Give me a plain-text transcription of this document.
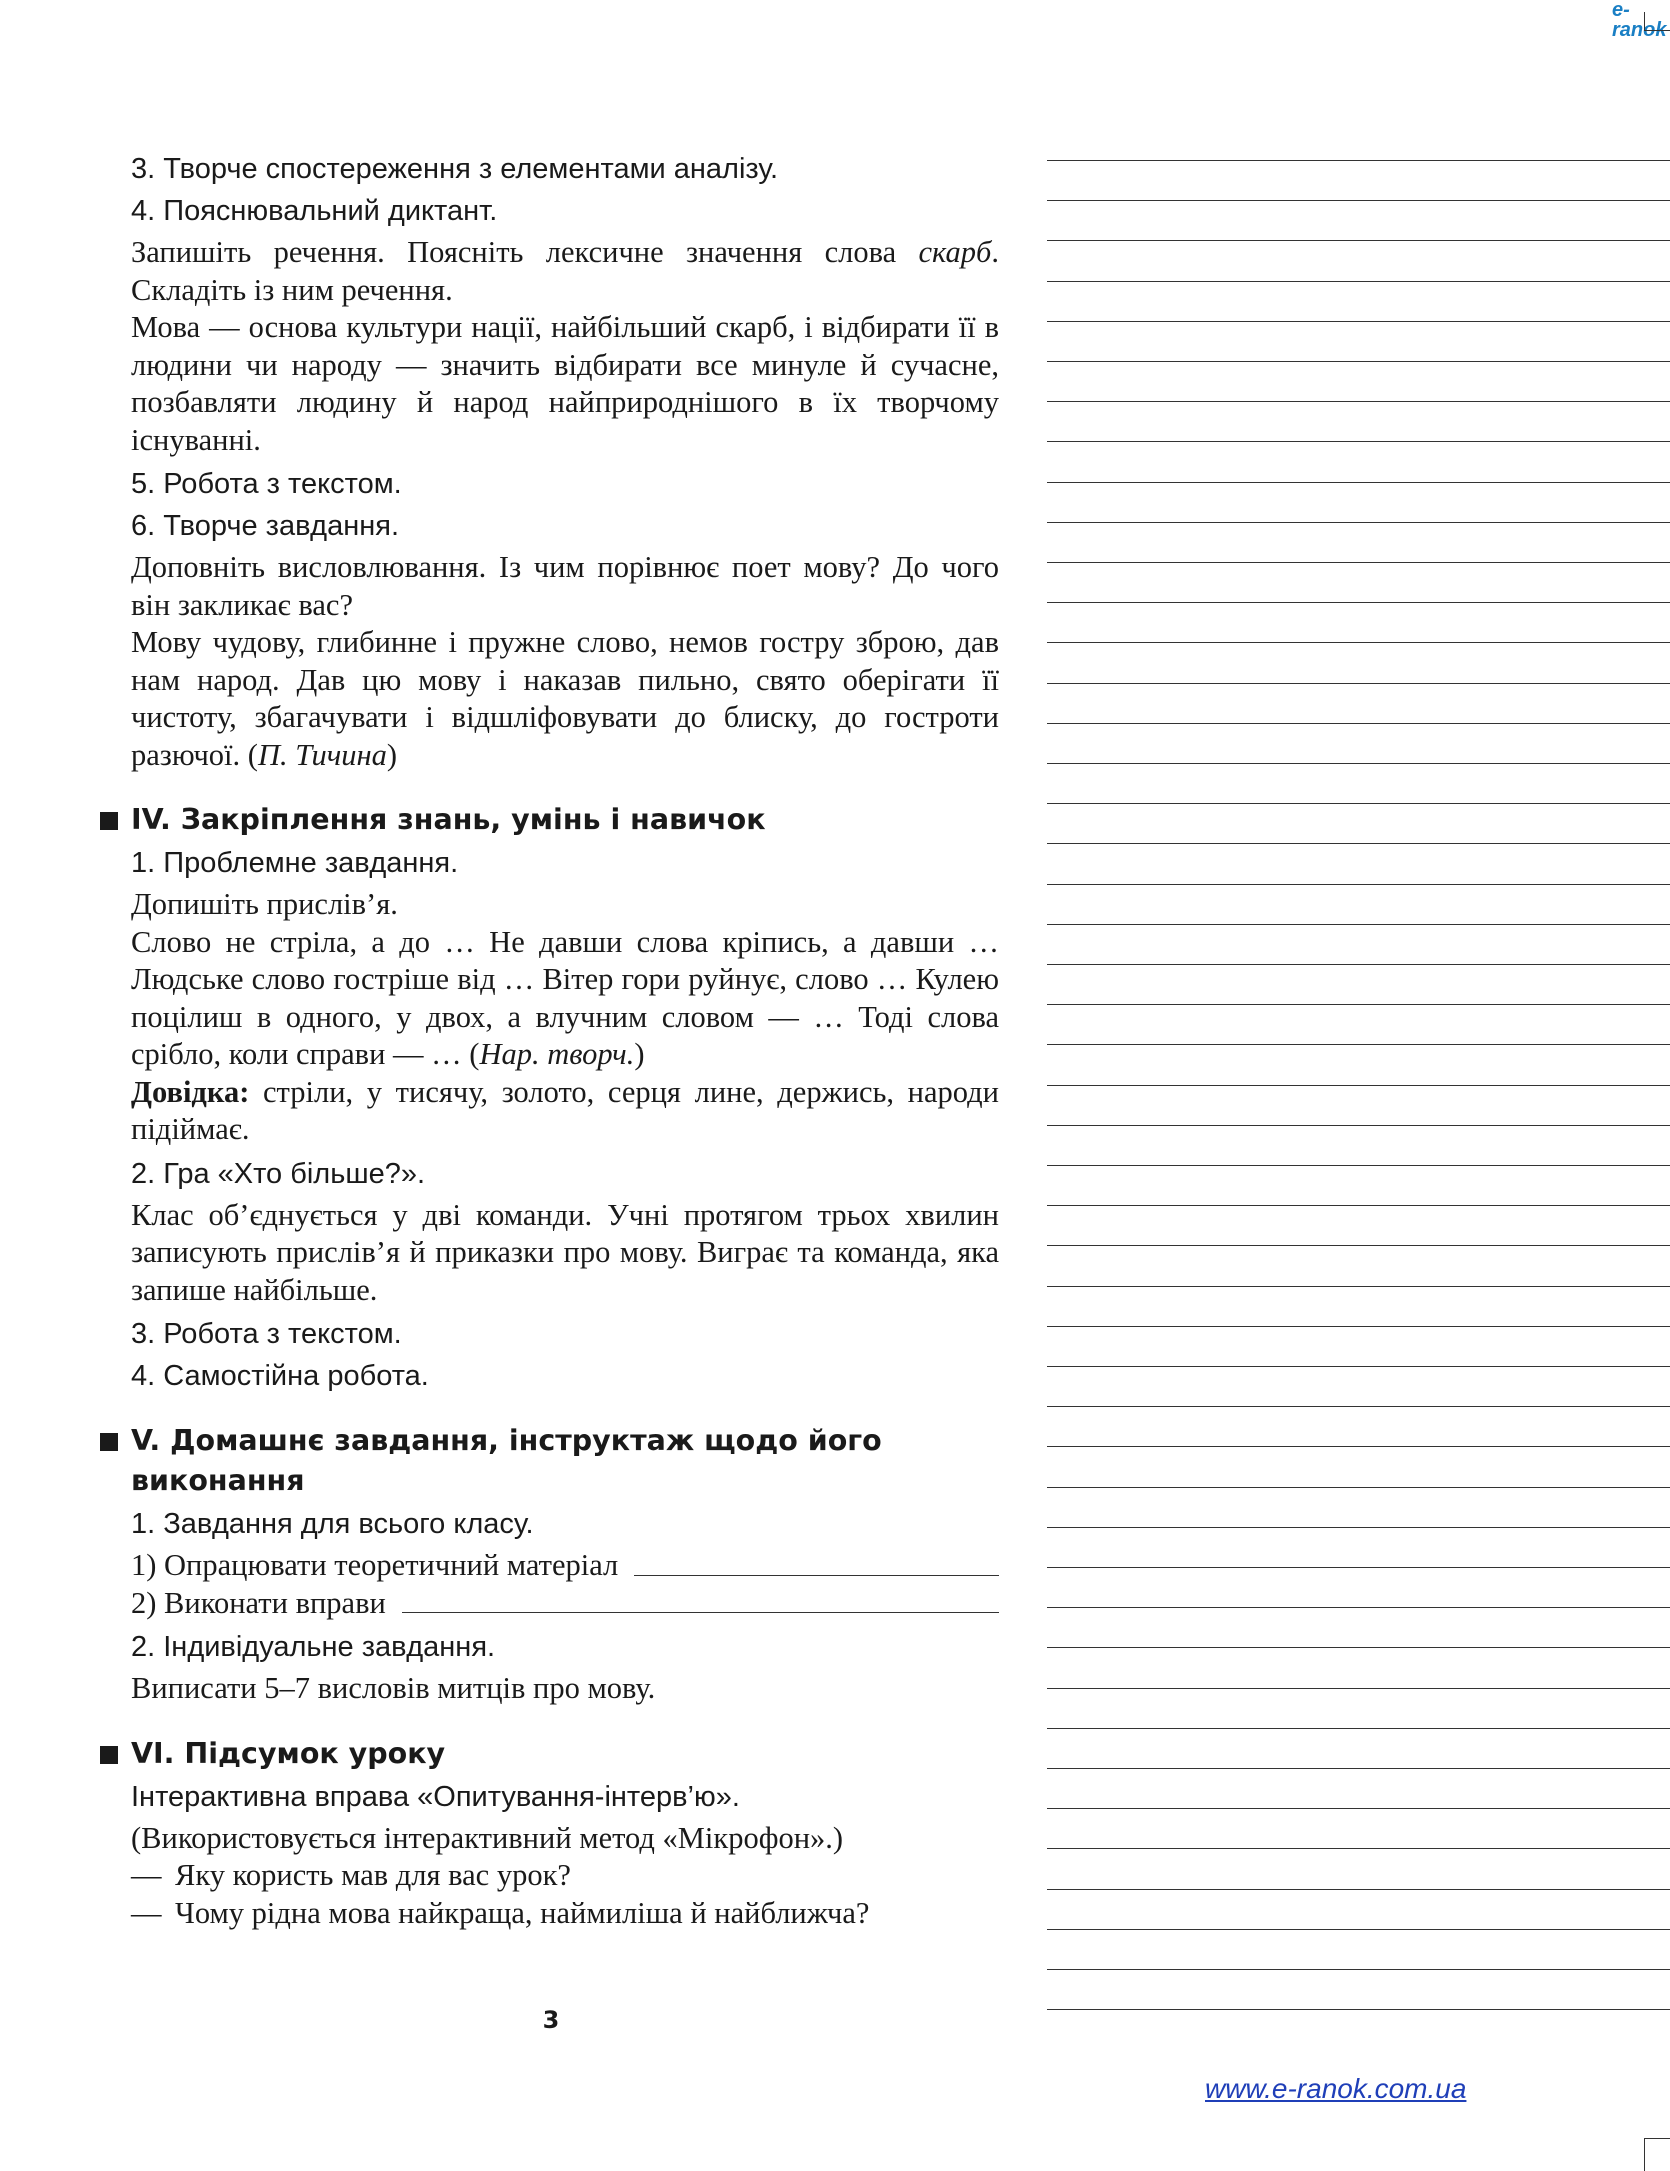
e-ranok
3. Творче спостереження з елементами аналізу.
4. Пояснювальний диктант.

Запишіть речення. Поясніть лексичне значення слова скарб. Складіть із ним речення.

Мова — основа культури нації, найбільший скарб, і відбирати її в людини чи народу — значить відбирати все минуле й сучасне, позбавляти людину й народ найприроднішого в їх творчому існуванні.

5. Робота з текстом.
6. Творче завдання.

Доповніть висловлювання. Із чим порівнює поет мову? До чого він закликає вас?

Мову чудову, глибинне і пружне слово, немов гостру зброю, дав нам народ. Дав цю мову і наказав пильно, свято оберігати її чистоту, збагачувати і відшліфовувати до блиску, до гостроти разючої. (П. Тичина)

IV. Закріплення знань, умінь і навичок
1. Проблемне завдання.

Допишіть прислів’я.

Слово не стріла, а до … Не давши слова кріпись, а давши … Людське слово гостріше від … Вітер гори руйнує, слово … Кулею поцілиш в одного, у двох, а влучним словом — … Тоді слова срібло, коли справи — … (Нар. творч.)

Довідка: стріли, у тисячу, золото, серця лине, держись, народи підіймає.

2. Гра «Хто більше?».

Клас об’єднується у дві команди. Учні протягом трьох хвилин записують прислів’я й приказки про мову. Виграє та команда, яка запише найбільше.

3. Робота з текстом.
4. Самостійна робота.
V. Домашнє завдання, інструктаж щодо його виконання
1. Завдання для всього класу.
1) Опрацювати теоретичний матеріал
2) Виконати вправи
2. Індивідуальне завдання.

Виписати 5–7 висловів митців про мову.

VI. Підсумок уроку
Інтерактивна вправа «Опитування-інтерв’ю».

(Використовується інтерактивний метод «Мікрофон».)

— Яку користь мав для вас урок?
— Чому рідна мова найкраща, наймиліша й найближча?
3
www.e-ranok.com.ua
